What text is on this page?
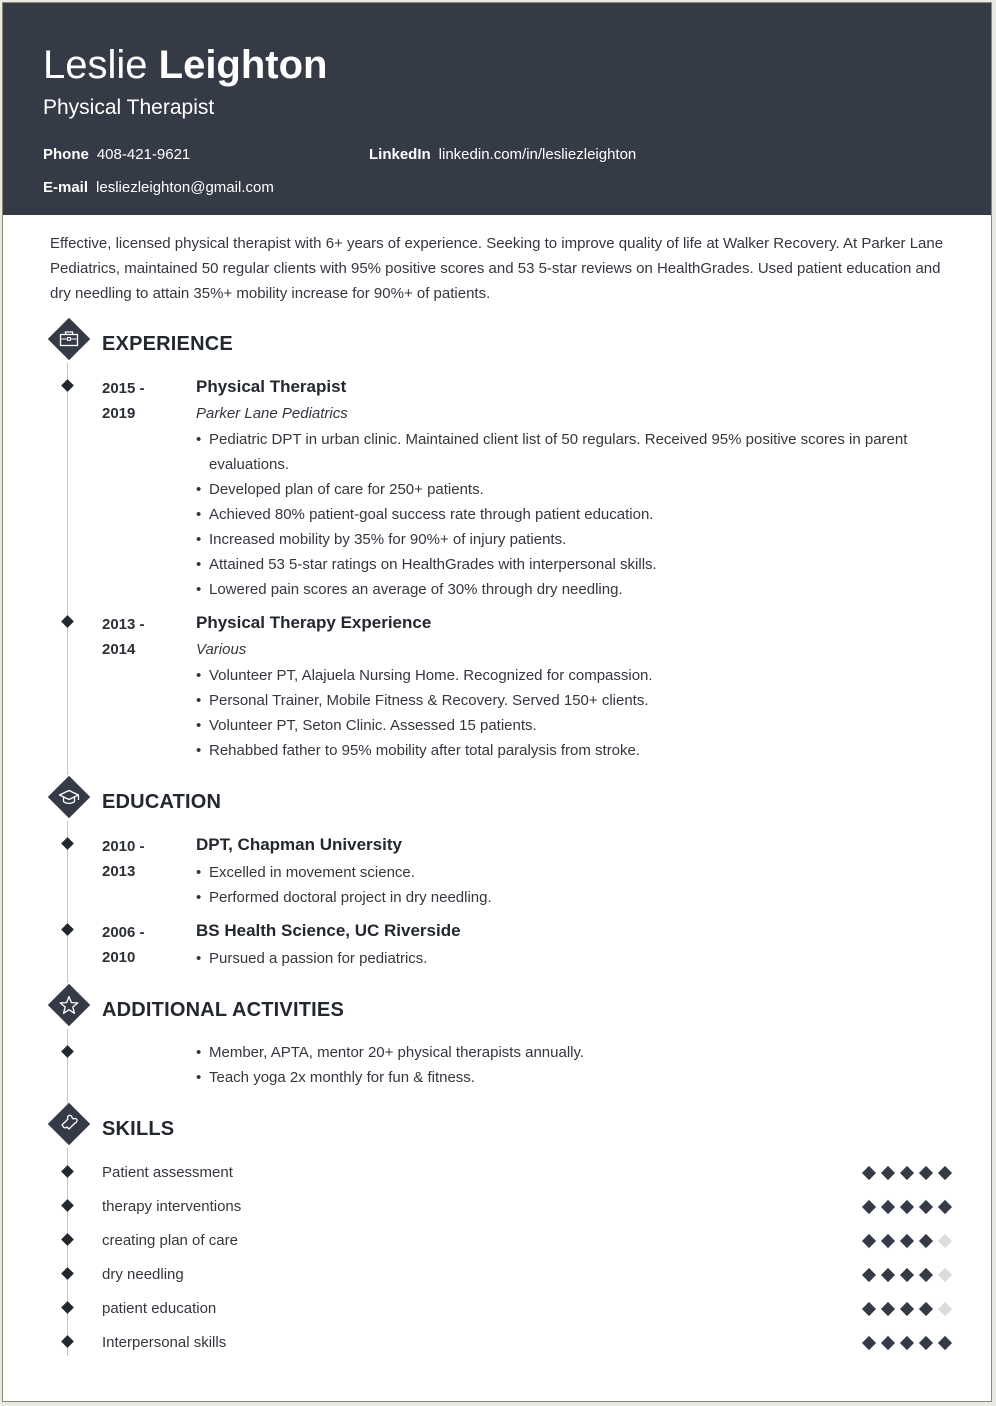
Leslie Leighton
Physical Therapist
Phone 408-421-9621	LinkedIn linkedin.com/in/lesliezleighton
E-mail lesliezleighton@gmail.com
Effective, licensed physical therapist with 6+ years of experience. Seeking to improve quality of life at Walker Recovery. At Parker Lane Pediatrics, maintained 50 regular clients with 95% positive scores and 53 5-star reviews on HealthGrades. Used patient education and dry needling to attain 35%+ mobility increase for 90%+ of patients.
EXPERIENCE
2015 -
2019
Physical Therapist
Parker Lane Pediatrics
• Pediatric DPT in urban clinic. Maintained client list of 50 regulars. Received 95% positive scores in parent evaluations.
• Developed plan of care for 250+ patients.
• Achieved 80% patient-goal success rate through patient education.
• Increased mobility by 35% for 90%+ of injury patients.
• Attained 53 5-star ratings on HealthGrades with interpersonal skills.
• Lowered pain scores an average of 30% through dry needling.
2013 -
2014
Physical Therapy Experience
Various
• Volunteer PT, Alajuela Nursing Home. Recognized for compassion.
• Personal Trainer, Mobile Fitness & Recovery. Served 150+ clients.
• Volunteer PT, Seton Clinic. Assessed 15 patients.
• Rehabbed father to 95% mobility after total paralysis from stroke.
EDUCATION
2010 -
2013
DPT, Chapman University
• Excelled in movement science.
• Performed doctoral project in dry needling.
2006 -
2010
BS Health Science, UC Riverside
• Pursued a passion for pediatrics.
ADDITIONAL ACTIVITIES
• Member, APTA, mentor 20+ physical therapists annually.
• Teach yoga 2x monthly for fun & fitness.
SKILLS
Patient assessment
therapy interventions
creating plan of care
dry needling
patient education
Interpersonal skills
